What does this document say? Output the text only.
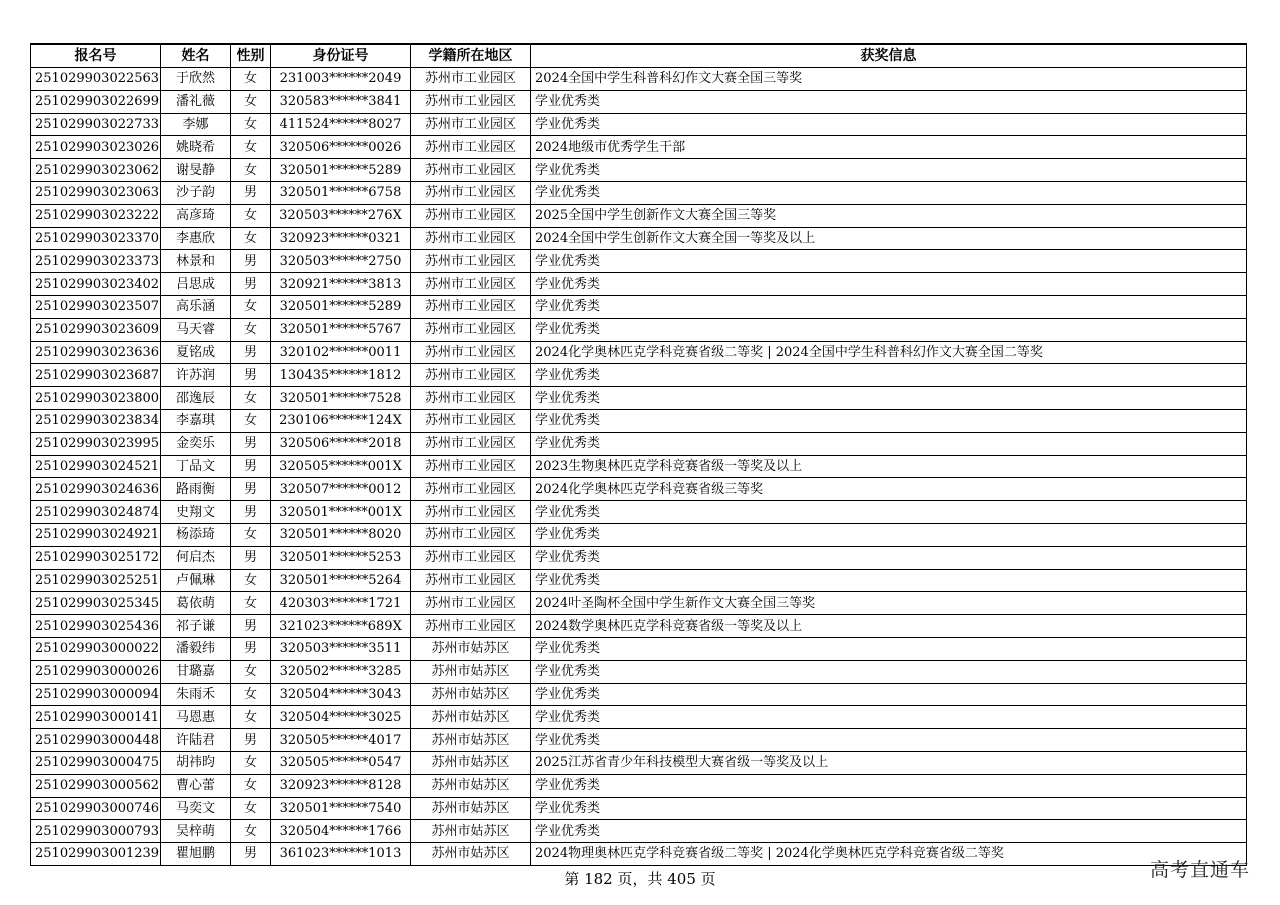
报名号	姓名	性别	身份证号	学籍所在地区	获奖信息
251029903022563	于欣然	女	231003******2049	苏州市工业园区	2024全国中学生科普科幻作文大赛全国三等奖
251029903022699	潘礼薇	女	320583******3841	苏州市工业园区	学业优秀类
251029903022733	李娜	女	411524******8027	苏州市工业园区	学业优秀类
251029903023026	姚晓希	女	320506******0026	苏州市工业园区	2024地级市优秀学生干部
251029903023062	谢旻静	女	320501******5289	苏州市工业园区	学业优秀类
251029903023063	沙子韵	男	320501******6758	苏州市工业园区	学业优秀类
251029903023222	高彦琦	女	320503******276X	苏州市工业园区	2025全国中学生创新作文大赛全国三等奖
251029903023370	李惠欣	女	320923******0321	苏州市工业园区	2024全国中学生创新作文大赛全国一等奖及以上
251029903023373	林景和	男	320503******2750	苏州市工业园区	学业优秀类
251029903023402	吕思成	男	320921******3813	苏州市工业园区	学业优秀类
251029903023507	高乐涵	女	320501******5289	苏州市工业园区	学业优秀类
251029903023609	马天睿	女	320501******5767	苏州市工业园区	学业优秀类
251029903023636	夏铭成	男	320102******0011	苏州市工业园区	2024化学奥林匹克学科竞赛省级二等奖 | 2024全国中学生科普科幻作文大赛全国二等奖
251029903023687	许苏润	男	130435******1812	苏州市工业园区	学业优秀类
251029903023800	邵逸辰	女	320501******7528	苏州市工业园区	学业优秀类
251029903023834	李嘉琪	女	230106******124X	苏州市工业园区	学业优秀类
251029903023995	金奕乐	男	320506******2018	苏州市工业园区	学业优秀类
251029903024521	丁品文	男	320505******001X	苏州市工业园区	2023生物奥林匹克学科竞赛省级一等奖及以上
251029903024636	路雨衡	男	320507******0012	苏州市工业园区	2024化学奥林匹克学科竞赛省级三等奖
251029903024874	史翔文	男	320501******001X	苏州市工业园区	学业优秀类
251029903024921	杨添琦	女	320501******8020	苏州市工业园区	学业优秀类
251029903025172	何启杰	男	320501******5253	苏州市工业园区	学业优秀类
251029903025251	卢佩琳	女	320501******5264	苏州市工业园区	学业优秀类
251029903025345	葛依萌	女	420303******1721	苏州市工业园区	2024叶圣陶杯全国中学生新作文大赛全国三等奖
251029903025436	祁子谦	男	321023******689X	苏州市工业园区	2024数学奥林匹克学科竞赛省级一等奖及以上
251029903000022	潘毅纬	男	320503******3511	苏州市姑苏区	学业优秀类
251029903000026	甘璐嘉	女	320502******3285	苏州市姑苏区	学业优秀类
251029903000094	朱雨禾	女	320504******3043	苏州市姑苏区	学业优秀类
251029903000141	马恩惠	女	320504******3025	苏州市姑苏区	学业优秀类
251029903000448	许陆君	男	320505******4017	苏州市姑苏区	学业优秀类
251029903000475	胡祎昀	女	320505******0547	苏州市姑苏区	2025江苏省青少年科技模型大赛省级一等奖及以上
251029903000562	曹心蕾	女	320923******8128	苏州市姑苏区	学业优秀类
251029903000746	马奕文	女	320501******7540	苏州市姑苏区	学业优秀类
251029903000793	吴梓萌	女	320504******1766	苏州市姑苏区	学业优秀类
251029903001239	瞿旭鹏	男	361023******1013	苏州市姑苏区	2024物理奥林匹克学科竞赛省级二等奖 | 2024化学奥林匹克学科竞赛省级二等奖
第 182 页，共 405 页	高考直通车
